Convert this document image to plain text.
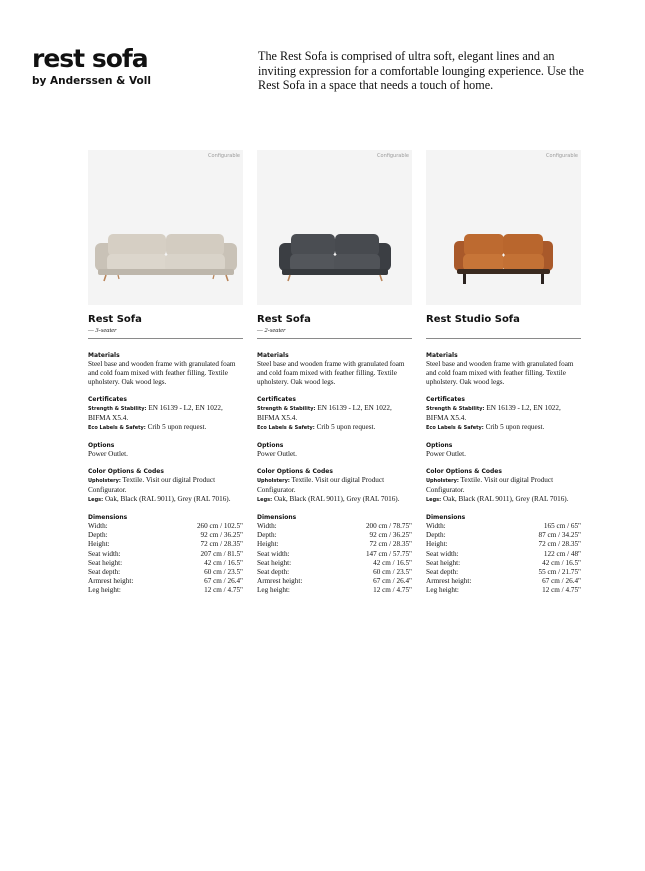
rest sofa
by Anderssen & Voll
The Rest Sofa is comprised of ultra soft, elegant lines and an inviting expression for a comfortable lounging experience. Use the Rest Sofa in a space that needs a touch of home.
Configurable
Rest Sofa
— 3-seater
Materials
Steel base and wooden frame with granulated foam and cold foam mixed with feather filling. Textile upholstery. Oak wood legs.
Certificates
Strength & Stability: EN 16139 - L2, EN 1022, BIFMA X5.4.
Eco Labels & Safety: Crib 5 upon request.
Options
Power Outlet.
Color Options & Codes
Upholstery: Textile. Visit our digital Product Configurator.
Legs: Oak, Black (RAL 9011), Grey (RAL 7016).
Dimensions
Width:	260 cm / 102.5"
Depth:	92 cm / 36.25"
Height:	72 cm / 28.35"
Seat width:	207 cm / 81.5"
Seat height:	42 cm / 16.5"
Seat depth:	60 cm / 23.5"
Armrest height:	67 cm / 26.4"
Leg height:	12 cm / 4.75"
Configurable
Rest Sofa
— 2-seater
Materials
Steel base and wooden frame with granulated foam and cold foam mixed with feather filling. Textile upholstery. Oak wood legs.
Certificates
Strength & Stability: EN 16139 - L2, EN 1022, BIFMA X5.4.
Eco Labels & Safety: Crib 5 upon request.
Options
Power Outlet.
Color Options & Codes
Upholstery: Textile. Visit our digital Product Configurator.
Legs: Oak, Black (RAL 9011), Grey (RAL 7016).
Dimensions
Width:	200 cm / 78.75"
Depth:	92 cm / 36.25"
Height:	72 cm / 28.35"
Seat width:	147 cm / 57.75"
Seat height:	42 cm / 16.5"
Seat depth:	60 cm / 23.5"
Armrest height:	67 cm / 26.4"
Leg height:	12 cm / 4.75"
Configurable
Rest Studio Sofa
Materials
Steel base and wooden frame with granulated foam and cold foam mixed with feather filling. Textile upholstery. Oak wood legs.
Certificates
Strength & Stability: EN 16139 - L2, EN 1022, BIFMA X5.4.
Eco Labels & Safety: Crib 5 upon request.
Options
Power Outlet.
Color Options & Codes
Upholstery: Textile. Visit our digital Product Configurator.
Legs: Oak, Black (RAL 9011), Grey (RAL 7016).
Dimensions
Width:	165 cm / 65"
Depth:	87 cm / 34.25"
Height:	72 cm / 28.35"
Seat width:	122 cm / 48"
Seat height:	42 cm / 16.5"
Seat depth:	55 cm / 21.75"
Armrest height:	67 cm / 26.4"
Leg height:	12 cm / 4.75"
